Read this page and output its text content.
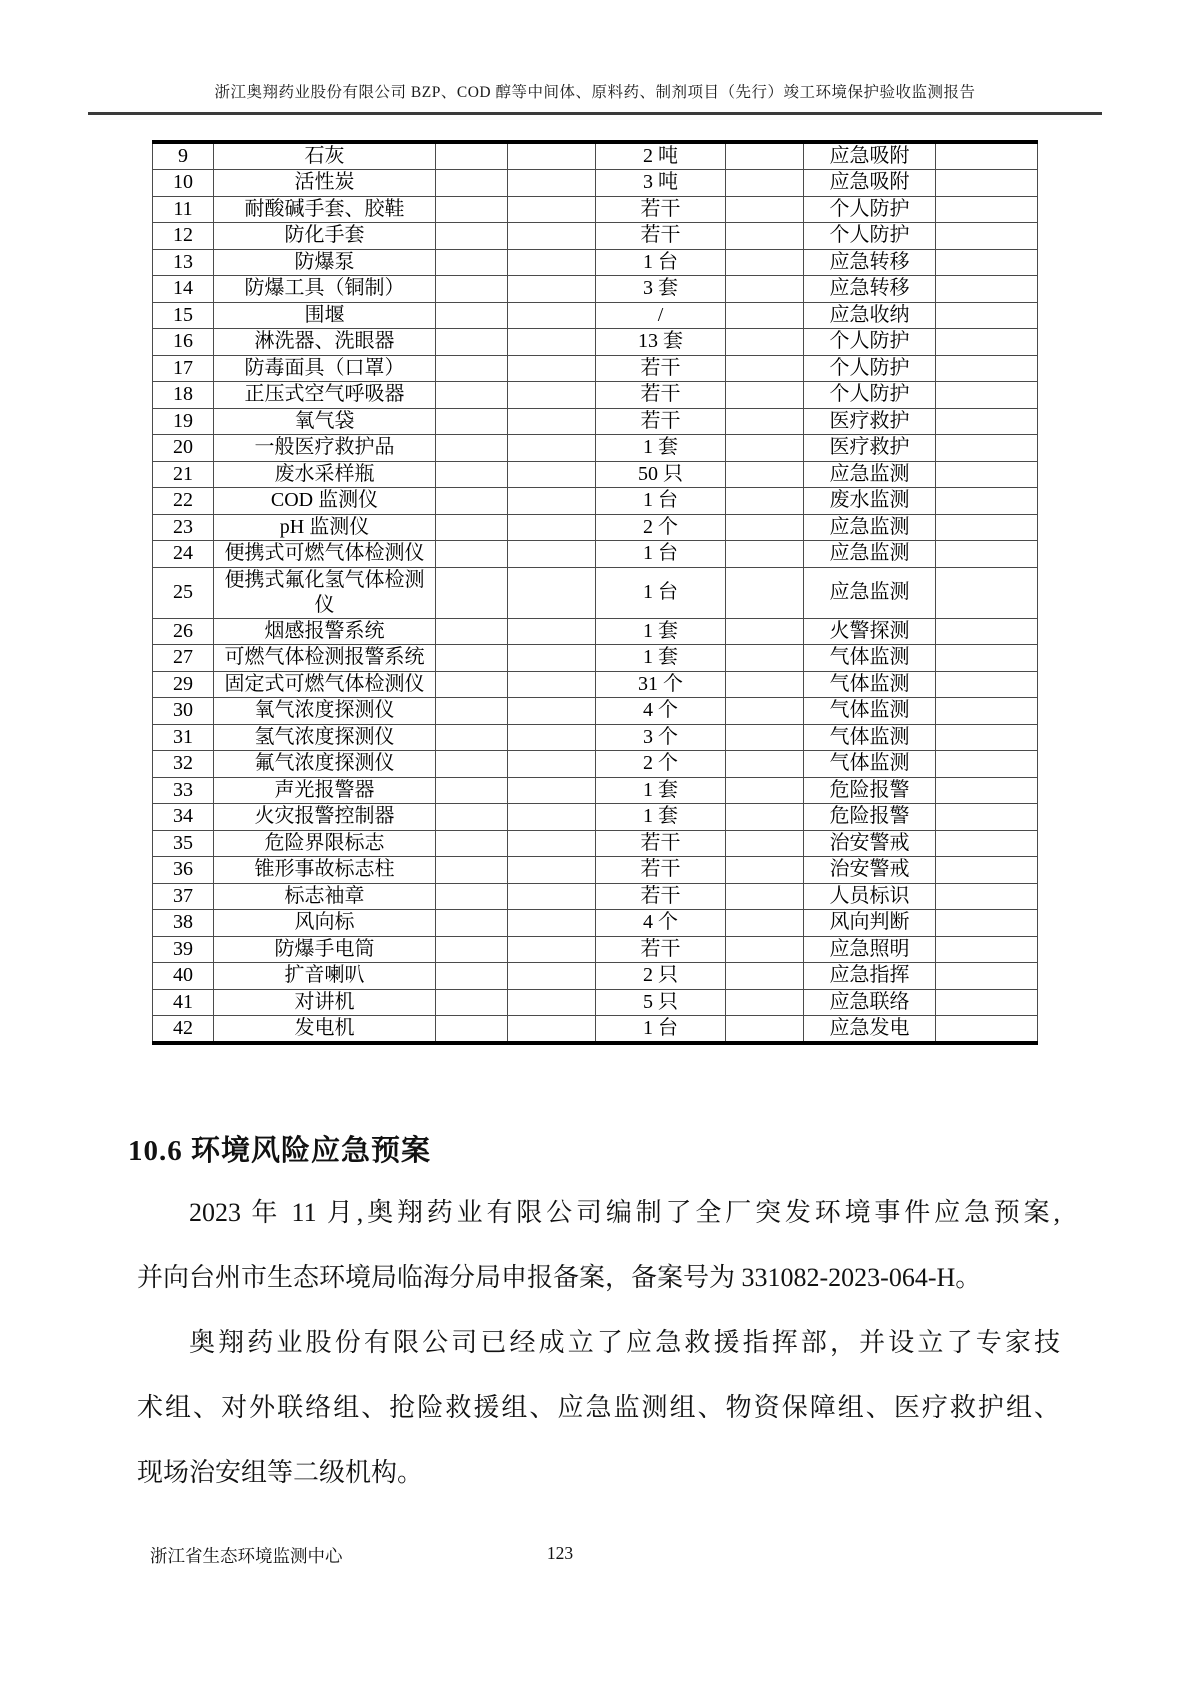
浙江奥翔药业股份有限公司 BZP、COD 醇等中间体、原料药、制剂项目（先行）竣工环境保护验收监测报告
9	石灰			2 吨		应急吸附	
10	活性炭			3 吨		应急吸附	
11	耐酸碱手套、胶鞋			若干		个人防护	
12	防化手套			若干		个人防护	
13	防爆泵			1 台		应急转移	
14	防爆工具（铜制）			3 套		应急转移	
15	围堰			/		应急收纳	
16	淋洗器、洗眼器			13 套		个人防护	
17	防毒面具（口罩）			若干		个人防护	
18	正压式空气呼吸器			若干		个人防护	
19	氧气袋			若干		医疗救护	
20	一般医疗救护品			1 套		医疗救护	
21	废水采样瓶			50 只		应急监测	
22	COD 监测仪			1 台		废水监测	
23	pH 监测仪			2 个		应急监测	
24	便携式可燃气体检测仪			1 台		应急监测	
25	便携式氟化氢气体检测仪			1 台		应急监测	
26	烟感报警系统			1 套		火警探测	
27	可燃气体检测报警系统			1 套		气体监测	
29	固定式可燃气体检测仪			31 个		气体监测	
30	氧气浓度探测仪			4 个		气体监测	
31	氢气浓度探测仪			3 个		气体监测	
32	氟气浓度探测仪			2 个		气体监测	
33	声光报警器			1 套		危险报警	
34	火灾报警控制器			1 套		危险报警	
35	危险界限标志			若干		治安警戒	
36	锥形事故标志柱			若干		治安警戒	
37	标志袖章			若干		人员标识	
38	风向标			4 个		风向判断	
39	防爆手电筒			若干		应急照明	
40	扩音喇叭			2 只		应急指挥	
41	对讲机			5 只		应急联络	
42	发电机			1 台		应急发电	
10.6 环境风险应急预案
2023 年 11 月,奥翔药业有限公司编制了全厂突发环境事件应急预案,
并向台州市生态环境局临海分局申报备案，备案号为 331082-2023-064-H。
奥翔药业股份有限公司已经成立了应急救援指挥部，并设立了专家技
术组、对外联络组、抢险救援组、应急监测组、物资保障组、医疗救护组、
现场治安组等二级机构。
浙江省生态环境监测中心	123
